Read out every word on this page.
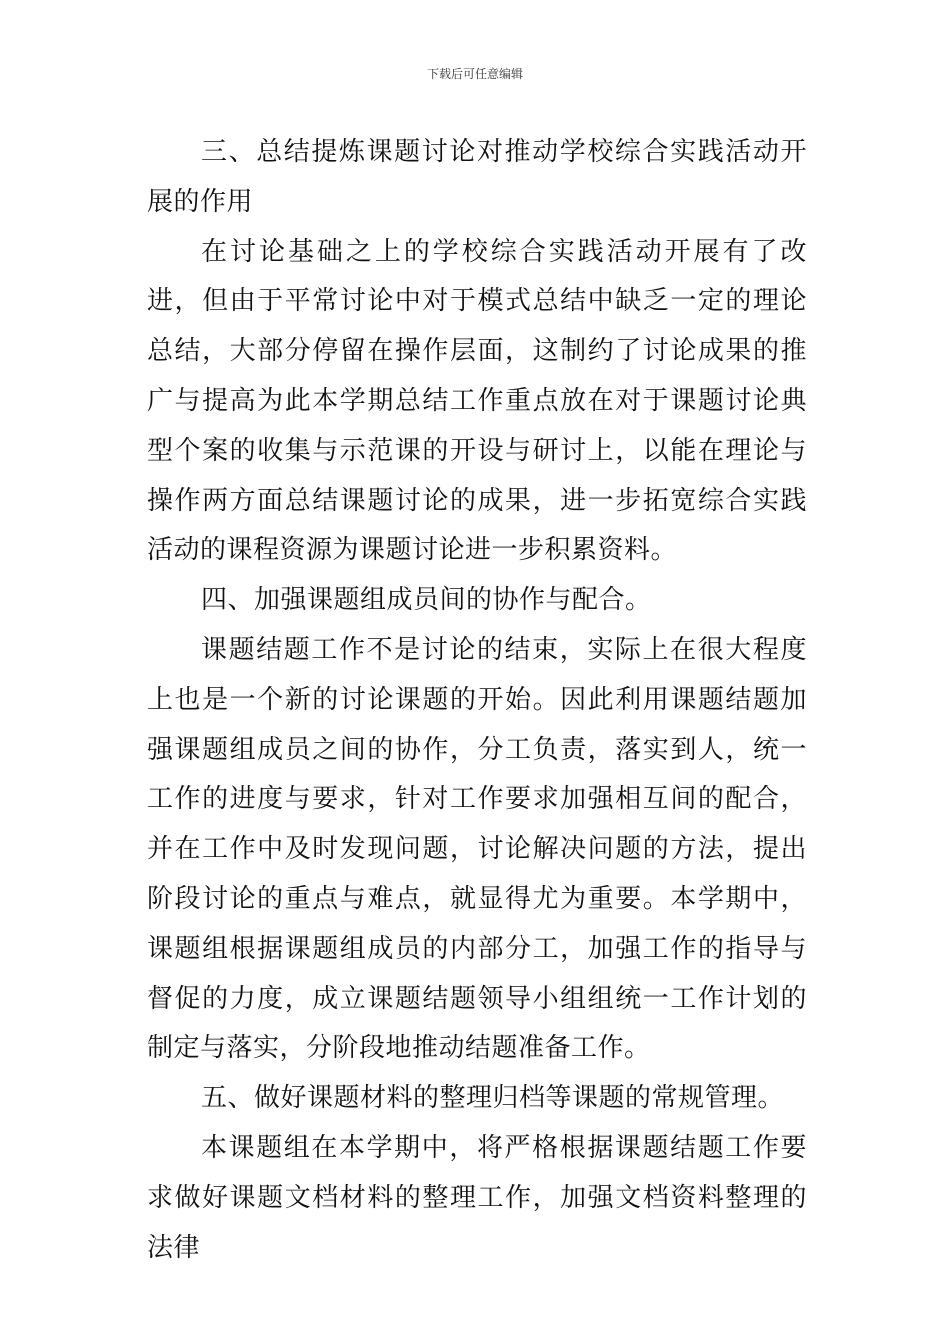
下载后可任意编辑

三、总结提炼课题讨论对推动学校综合实践活动开展的作用

在讨论基础之上的学校综合实践活动开展有了改进，但由于平常讨论中对于模式总结中缺乏一定的理论总结，大部分停留在操作层面，这制约了讨论成果的推广与提高为此本学期总结工作重点放在对于课题讨论典型个案的收集与示范课的开设与研讨上，以能在理论与操作两方面总结课题讨论的成果，进一步拓宽综合实践活动的课程资源为课题讨论进一步积累资料。

四、加强课题组成员间的协作与配合。

课题结题工作不是讨论的结束，实际上在很大程度上也是一个新的讨论课题的开始。因此利用课题结题加强课题组成员之间的协作，分工负责，落实到人，统一工作的进度与要求，针对工作要求加强相互间的配合，并在工作中及时发现问题，讨论解决问题的方法，提出阶段讨论的重点与难点，就显得尤为重要。本学期中，课题组根据课题组成员的内部分工，加强工作的指导与督促的力度，成立课题结题领导小组组统一工作计划的制定与落实，分阶段地推动结题准备工作。

五、做好课题材料的整理归档等课题的常规管理。

本课题组在本学期中，将严格根据课题结题工作要求做好课题文档材料的整理工作，加强文档资料整理的法律
